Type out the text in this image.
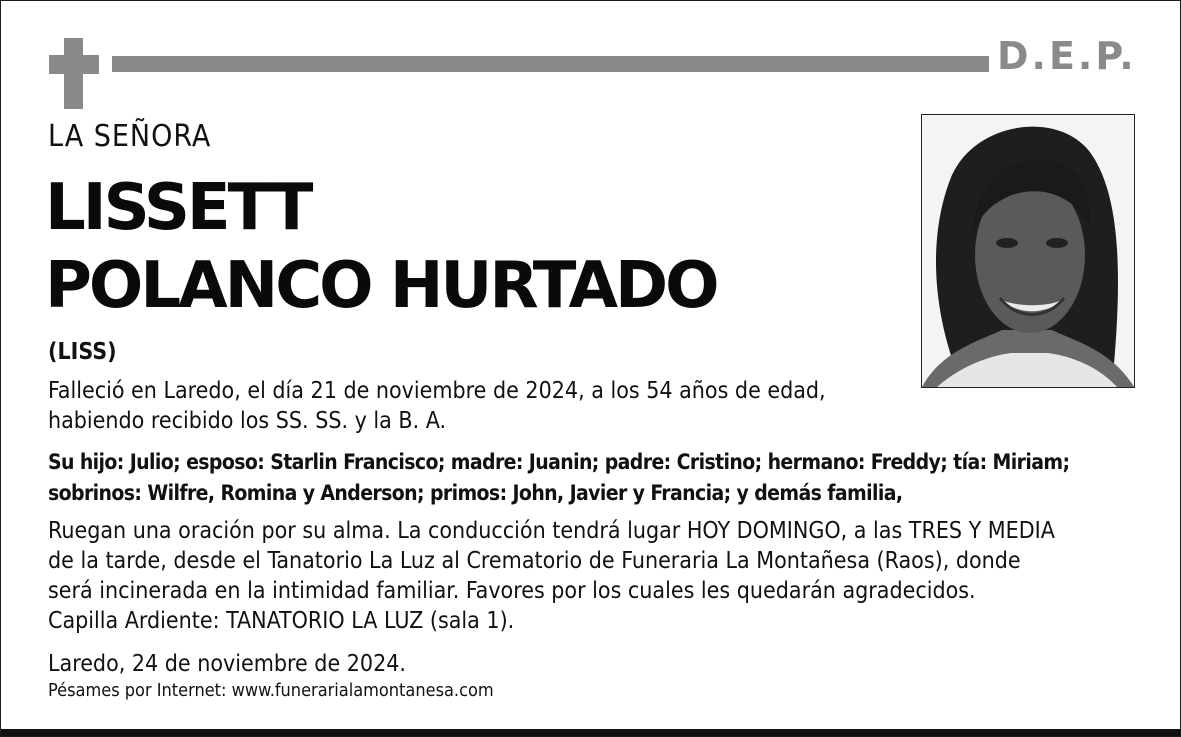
D.E.P.
LA SEÑORA
LISSETT
POLANCO HURTADO
(LISS)
Falleció en Laredo, el día 21 de noviembre de 2024, a los 54 años de edad,
habiendo recibido los SS. SS. y la B. A.
Su hijo: Julio; esposo: Starlin Francisco; madre: Juanin; padre: Cristino; hermano: Freddy; tía: Miriam;
sobrinos: Wilfre, Romina y Anderson; primos: John, Javier y Francia; y demás familia,
Ruegan una oración por su alma. La conducción tendrá lugar HOY DOMINGO, a las TRES Y MEDIA
de la tarde, desde el Tanatorio La Luz al Crematorio de Funeraria La Montañesa (Raos), donde
será incinerada en la intimidad familiar. Favores por los cuales les quedarán agradecidos.
Capilla Ardiente: TANATORIO LA LUZ (sala 1).
Laredo, 24 de noviembre de 2024.
Pésames por Internet: www.funerarialamontanesa.com
